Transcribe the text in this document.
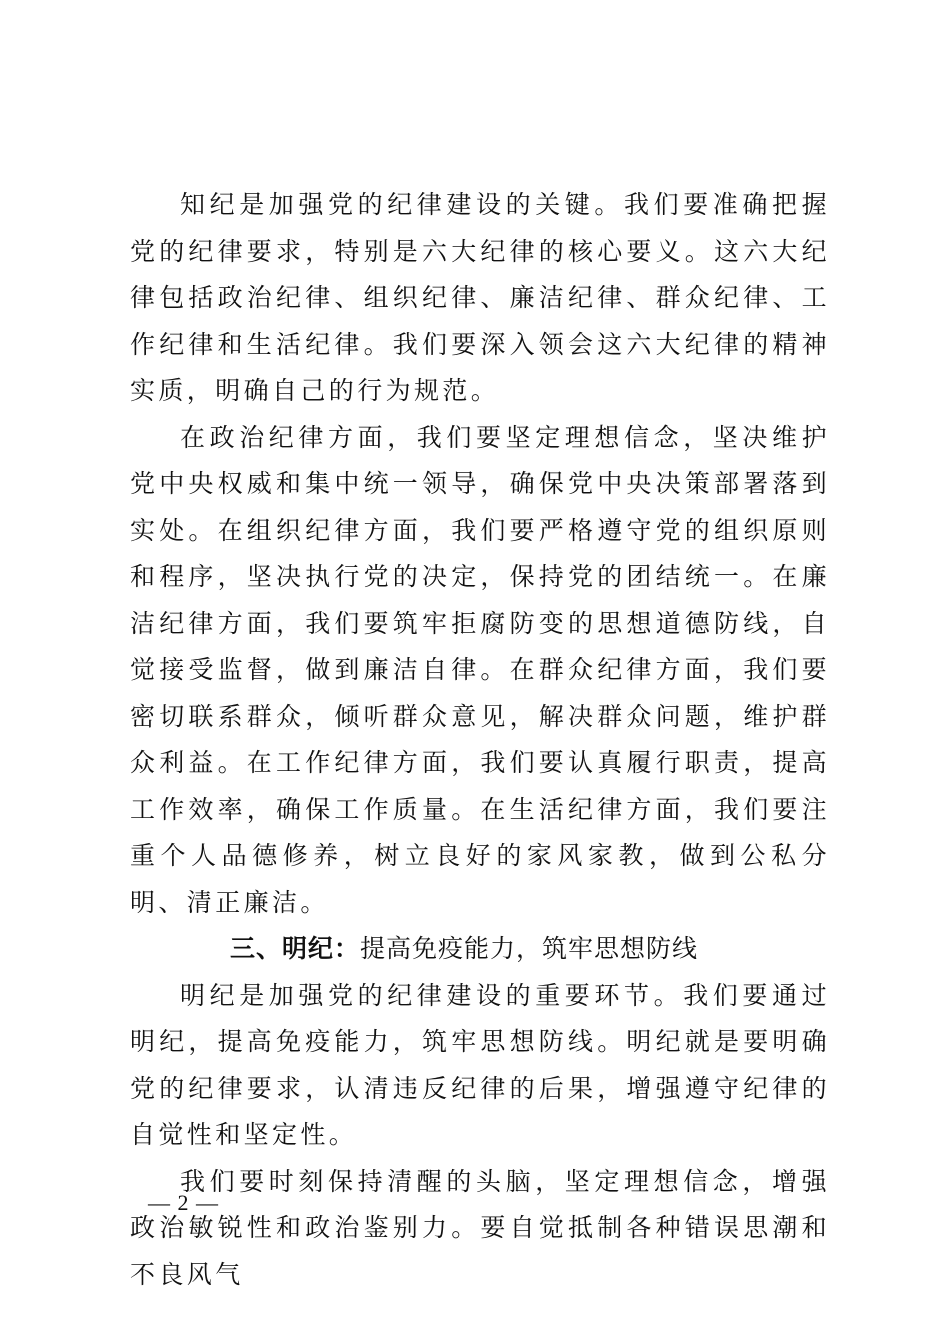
知纪是加强党的纪律建设的关键。我们要准确把握党的纪律要求，特别是六大纪律的核心要义。这六大纪律包括政治纪律、组织纪律、廉洁纪律、群众纪律、工作纪律和生活纪律。我们要深入领会这六大纪律的精神实质，明确自己的行为规范。

在政治纪律方面，我们要坚定理想信念，坚决维护党中央权威和集中统一领导，确保党中央决策部署落到实处。在组织纪律方面，我们要严格遵守党的组织原则和程序，坚决执行党的决定，保持党的团结统一。在廉洁纪律方面，我们要筑牢拒腐防变的思想道德防线，自觉接受监督，做到廉洁自律。在群众纪律方面，我们要密切联系群众，倾听群众意见，解决群众问题，维护群众利益。在工作纪律方面，我们要认真履行职责，提高工作效率，确保工作质量。在生活纪律方面，我们要注重个人品德修养，树立良好的家风家教，做到公私分明、清正廉洁。

三、明纪：提高免疫能力，筑牢思想防线

明纪是加强党的纪律建设的重要环节。我们要通过明纪，提高免疫能力，筑牢思想防线。明纪就是要明确党的纪律要求，认清违反纪律的后果，增强遵守纪律的自觉性和坚定性。

我们要时刻保持清醒的头脑，坚定理想信念，增强政治敏锐性和政治鉴别力。要自觉抵制各种错误思潮和不良风气

— 2 —
